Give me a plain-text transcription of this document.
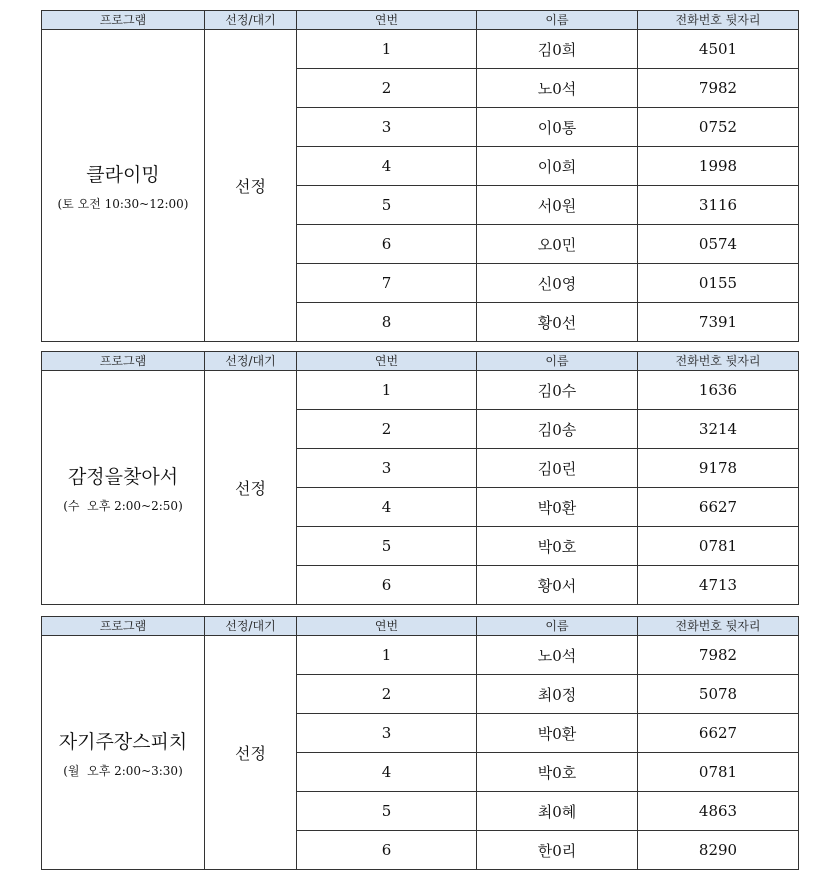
프로그램	선정/대기	연번	이름	전화번호 뒷자리

클라이밍
(토 오전 10:30~12:00)	선정	1	김0희	4501
		2	노0석	7982
		3	이0통	0752
		4	이0희	1998
		5	서0원	3116
		6	오0민	0574
		7	신0영	0155
		8	황0선	7391
프로그램	선정/대기	연번	이름	전화번호 뒷자리

감정을찾아서
(수  오후 2:00~2:50)	선정	1	김0수	1636
		2	김0송	3214
		3	김0린	9178
		4	박0환	6627
		5	박0호	0781
		6	황0서	4713
프로그램	선정/대기	연번	이름	전화번호 뒷자리

자기주장스피치
(월  오후 2:00~3:30)	선정	1	노0석	7982
		2	최0정	5078
		3	박0환	6627
		4	박0호	0781
		5	최0혜	4863
		6	한0리	8290
